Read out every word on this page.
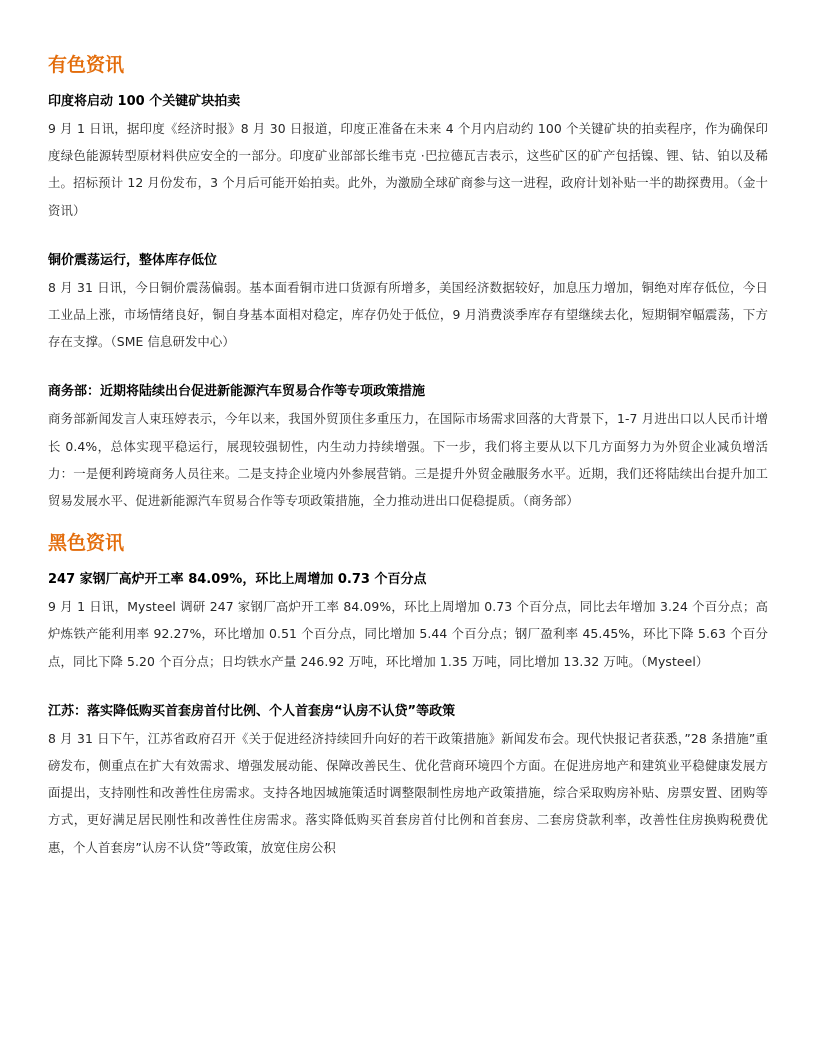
有色资讯
印度将启动 100 个关键矿块拍卖

9 月 1 日讯，据印度《经济时报》8 月 30 日报道，印度正准备在未来 4 个月内启动约 100 个关键矿块的拍卖程序，作为确保印度绿色能源转型原材料供应安全的一部分。印度矿业部部长维韦克 ·巴拉德瓦吉表示，这些矿区的矿产包括镍、锂、钴、铂以及稀土。招标预计 12 月份发布，3 个月后可能开始拍卖。此外，为激励全球矿商参与这一进程，政府计划补贴一半的勘探费用。（金十资讯）

铜价震荡运行，整体库存低位

8 月 31 日讯，今日铜价震荡偏弱。基本面看铜市进口货源有所增多，美国经济数据较好，加息压力增加，铜绝对库存低位，今日工业品上涨，市场情绪良好，铜自身基本面相对稳定，库存仍处于低位，9 月消费淡季库存有望继续去化，短期铜窄幅震荡，下方存在支撑。（SME 信息研发中心）

商务部：近期将陆续出台促进新能源汽车贸易合作等专项政策措施

商务部新闻发言人束珏婷表示，今年以来，我国外贸顶住多重压力，在国际市场需求回落的大背景下，1-7 月进出口以人民币计增长 0.4%，总体实现平稳运行，展现较强韧性，内生动力持续增强。下一步，我们将主要从以下几方面努力为外贸企业减负增活力：一是便利跨境商务人员往来。二是支持企业境内外参展营销。三是提升外贸金融服务水平。近期，我们还将陆续出台提升加工贸易发展水平、促进新能源汽车贸易合作等专项政策措施，全力推动进出口促稳提质。（商务部）

黑色资讯
247 家钢厂高炉开工率 84.09%，环比上周增加 0.73 个百分点

9 月 1 日讯，Mysteel 调研 247 家钢厂高炉开工率 84.09%，环比上周增加 0.73 个百分点，同比去年增加 3.24 个百分点；高炉炼铁产能利用率 92.27%，环比增加 0.51 个百分点，同比增加 5.44 个百分点；钢厂盈利率 45.45%，环比下降 5.63 个百分点，同比下降 5.20 个百分点；日均铁水产量 246.92 万吨，环比增加 1.35 万吨，同比增加 13.32 万吨。（Mysteel）

江苏：落实降低购买首套房首付比例、个人首套房“认房不认贷”等政策

8 月 31 日下午，江苏省政府召开《关于促进经济持续回升向好的若干政策措施》新闻发布会。现代快报记者获悉，”28 条措施”重磅发布，侧重点在扩大有效需求、增强发展动能、保障改善民生、优化营商环境四个方面。在促进房地产和建筑业平稳健康发展方面提出，支持刚性和改善性住房需求。支持各地因城施策适时调整限制性房地产政策措施，综合采取购房补贴、房票安置、团购等方式，更好满足居民刚性和改善性住房需求。落实降低购买首套房首付比例和首套房、二套房贷款利率，改善性住房换购税费优惠，个人首套房”认房不认贷”等政策，放宽住房公积
